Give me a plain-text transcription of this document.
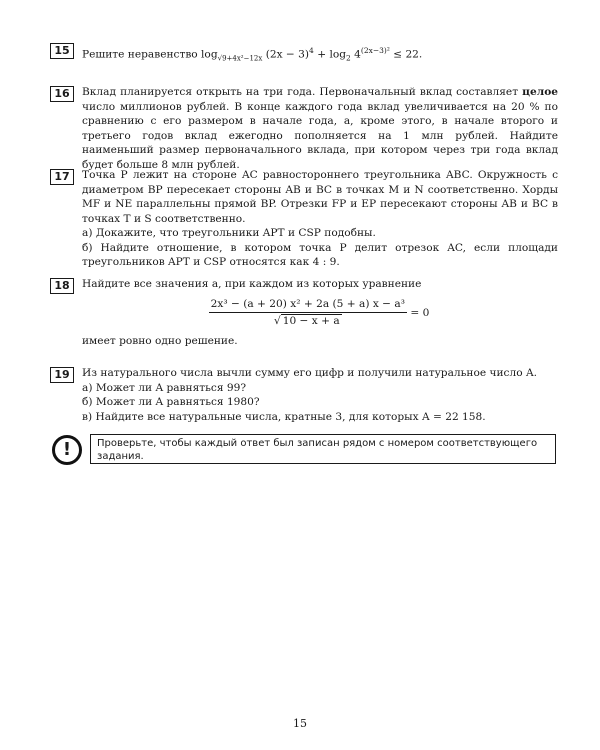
15	Решите неравенство $\log_{√9+4x^2-12x} (2x - 3)^4 + \log_2 4^{(2x-3)^2} \le 22$.
16	Вклад планируется открыть на три года. Первоначальный вклад составляет целое число миллионов рублей. В конце каждого года вклад увеличивается на 20 % по сравнению с его размером в начале года, а, кроме этого, в начале второго и третьего годов вклад ежегодно пополняется на 1 млн рублей. Найдите наименьший размер первоначального вклада, при котором через три года вклад будет больше 8 млн рублей.
17	Точка P лежит на стороне AC равностороннего треугольника ABC. Окружность с диаметром BP пересекает стороны AB и BC в точках M и N соответственно. Хорды MF и NE параллельны прямой BP. Отрезки FP и EP пересекают стороны AB и BC в точках T и S соответственно.

а) Докажите, что треугольники APT и CSP подобны.

б) Найдите отношение, в котором точка P делит отрезок AC, если площади треугольников APT и CSP относятся как 4 : 9.

18	Найдите все значения a, при каждом из которых уравнение

$\frac{\text{2x³ − (a + 20) x² + 2a (5 + a) x − a³}}{√ 10 - x + a} = 0$

имеет ровно одно решение.

19	Из натурального числа вычли сумму его цифр и получили натуральное число A.

а) Может ли A равняться 99?

б) Может ли A равняться 1980?

в) Найдите все натуральные числа, кратные 3, для которых A = 22 158.

!	Проверьте, чтобы каждый ответ был записан рядом с номером соответствующего задания.
15
